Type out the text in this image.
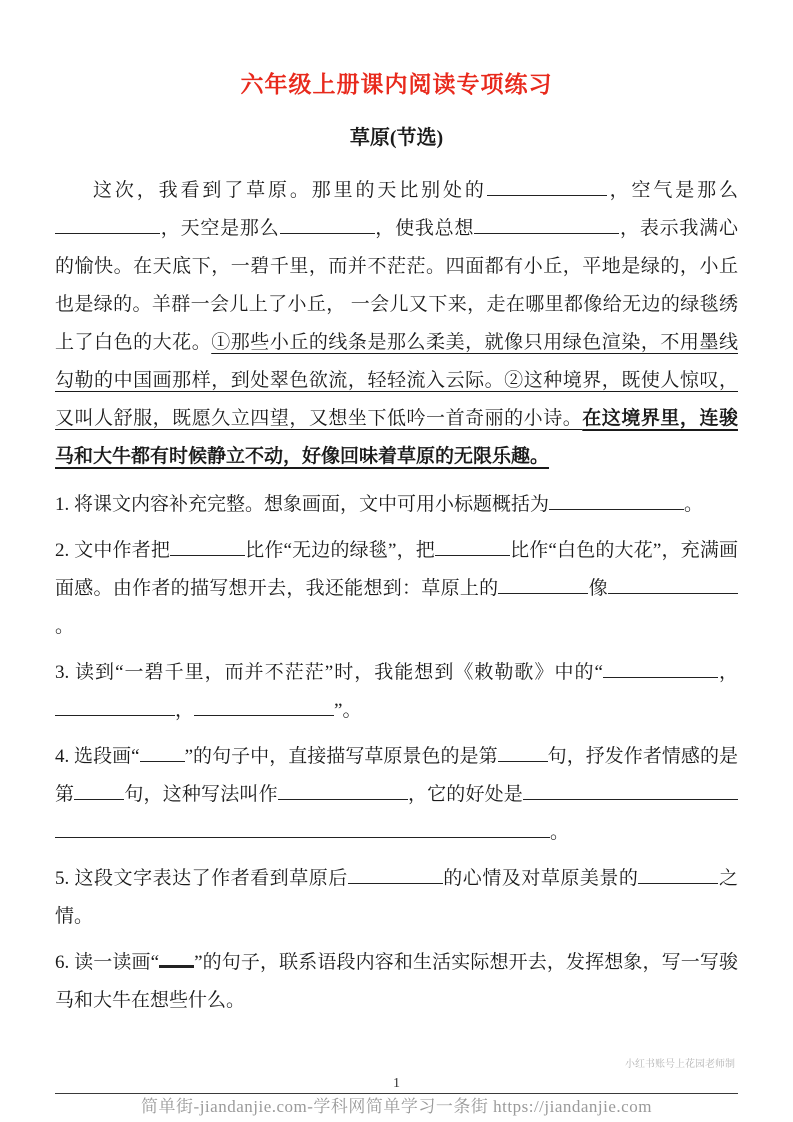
六年级上册课内阅读专项练习
草原(节选)

这次，我看到了草原。那里的天比别处的	，空气是那么，天空是那么	，使我总想	，表示我满心的愉快。在天底下，一碧千里，而并不茫茫。四面都有小丘，平地是绿的，小丘也是绿的。羊群一会儿上了小丘， 一会儿又下来，走在哪里都像给无边的绿毯绣上了白色的大花。①那些小丘的线条是那么柔美，就像只用绿色渲染，不用墨线勾勒的中国画那样，到处翠色欲流，轻轻流入云际。②这种境界，既使人惊叹，又叫人舒服，既愿久立四望，又想坐下低吟一首奇丽的小诗。在这境界里，连骏马和大牛都有时候静立不动，好像回味着草原的无限乐趣。

1. 将课文内容补充完整。想象画面，文中可用小标题概括为	。

2. 文中作者把	比作“无边的绿毯”，把	比作“白色的大花”，充满画面感。由作者的描写想开去，我还能想到：草原上的	像。

3. 读到“一碧千里，而并不茫茫”时，我能想到《敕勒歌》中的“	，，	”。

4. 选段画“ ”的句子中，直接描写草原景色的是第	句，抒发作者情感的是第	句，这种写法叫作	，它的好处是。

5. 这段文字表达了作者看到草原后	的心情及对草原美景的	之情。

6. 读一读画“ ”的句子，联系语段内容和生活实际想开去，发挥想象，写一写骏马和大牛在想些什么。

小红书账号上花园老师制
1
简单街-jiandanjie.com-学科网简单学习一条街 https://jiandanjie.com
